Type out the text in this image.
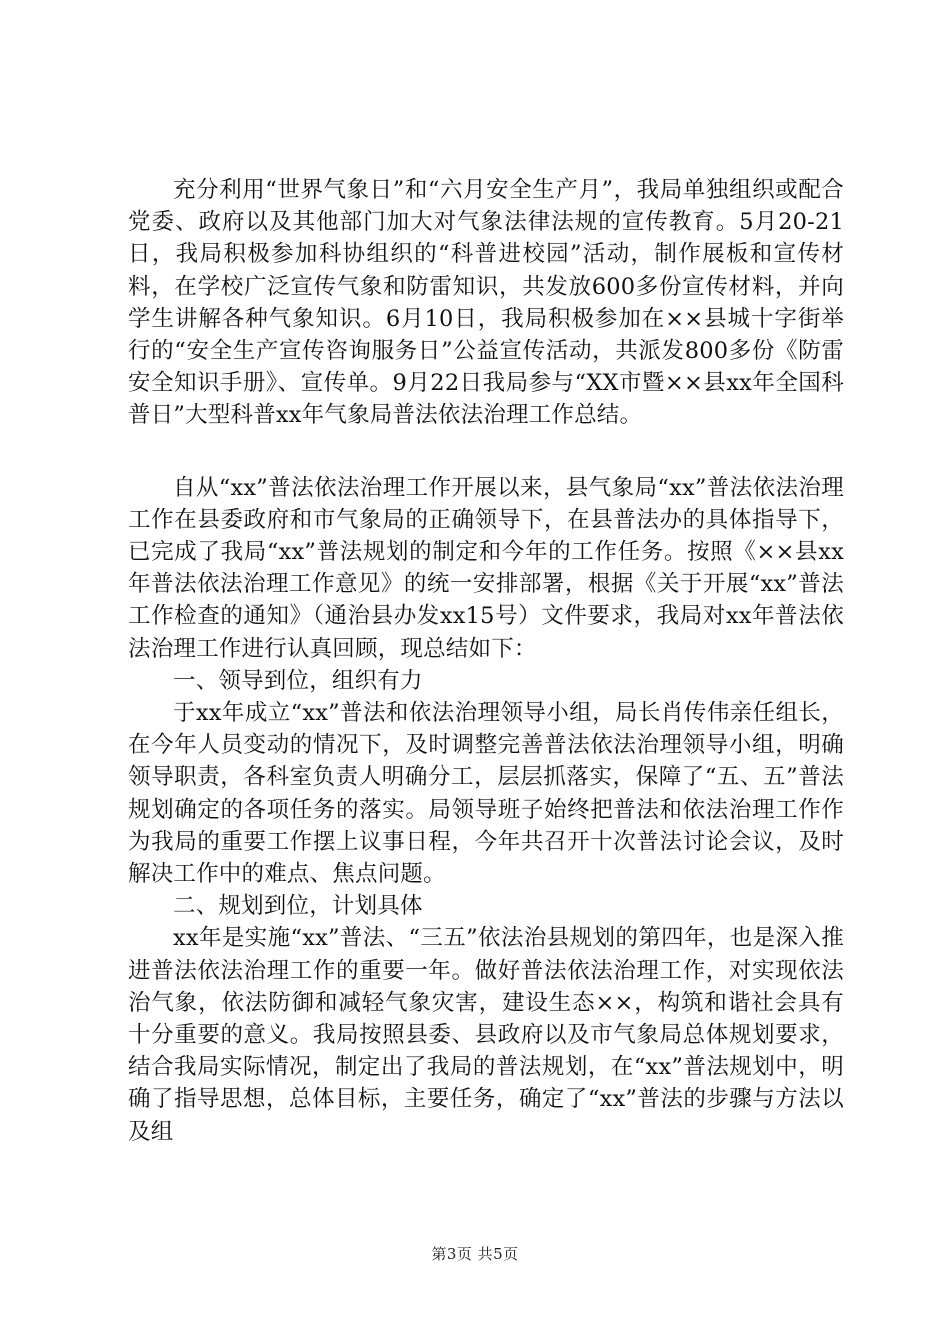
充分利用“世界气象日”和“六月安全生产月”，我局单独组织或配合党委、政府以及其他部门加大对气象法律法规的宣传教育。5月20-21日，我局积极参加科协组织的“科普进校园”活动，制作展板和宣传材料，在学校广泛宣传气象和防雷知识，共发放600多份宣传材料，并向学生讲解各种气象知识。6月10日，我局积极参加在××县城十字街举行的“安全生产宣传咨询服务日”公益宣传活动，共派发800多份《防雷安全知识手册》、宣传单。9月22日我局参与“XX市暨××县xx年全国科普日”大型科普xx年气象局普法依法治理工作总结。

自从“xx”普法依法治理工作开展以来，县气象局“xx”普法依法治理工作在县委政府和市气象局的正确领导下，在县普法办的具体指导下，已完成了我局“xx”普法规划的制定和今年的工作任务。按照《××县xx年普法依法治理工作意见》的统一安排部署，根据《关于开展“xx”普法工作检查的通知》（通治县办发xx15号）文件要求，我局对xx年普法依法治理工作进行认真回顾，现总结如下：

一、领导到位，组织有力

于xx年成立“xx”普法和依法治理领导小组，局长肖传伟亲任组长，在今年人员变动的情况下，及时调整完善普法依法治理领导小组，明确领导职责，各科室负责人明确分工，层层抓落实，保障了“五、五”普法规划确定的各项任务的落实。局领导班子始终把普法和依法治理工作作为我局的重要工作摆上议事日程，今年共召开十次普法讨论会议，及时解决工作中的难点、焦点问题。

二、规划到位，计划具体

xx年是实施“xx”普法、“三五”依法治县规划的第四年，也是深入推进普法依法治理工作的重要一年。做好普法依法治理工作，对实现依法治气象，依法防御和减轻气象灾害，建设生态××，构筑和谐社会具有十分重要的意义。我局按照县委、县政府以及市气象局总体规划要求，结合我局实际情况，制定出了我局的普法规划，在“xx”普法规划中，明确了指导思想，总体目标，主要任务，确定了“xx”普法的步骤与方法以及组

第3页 共5页
